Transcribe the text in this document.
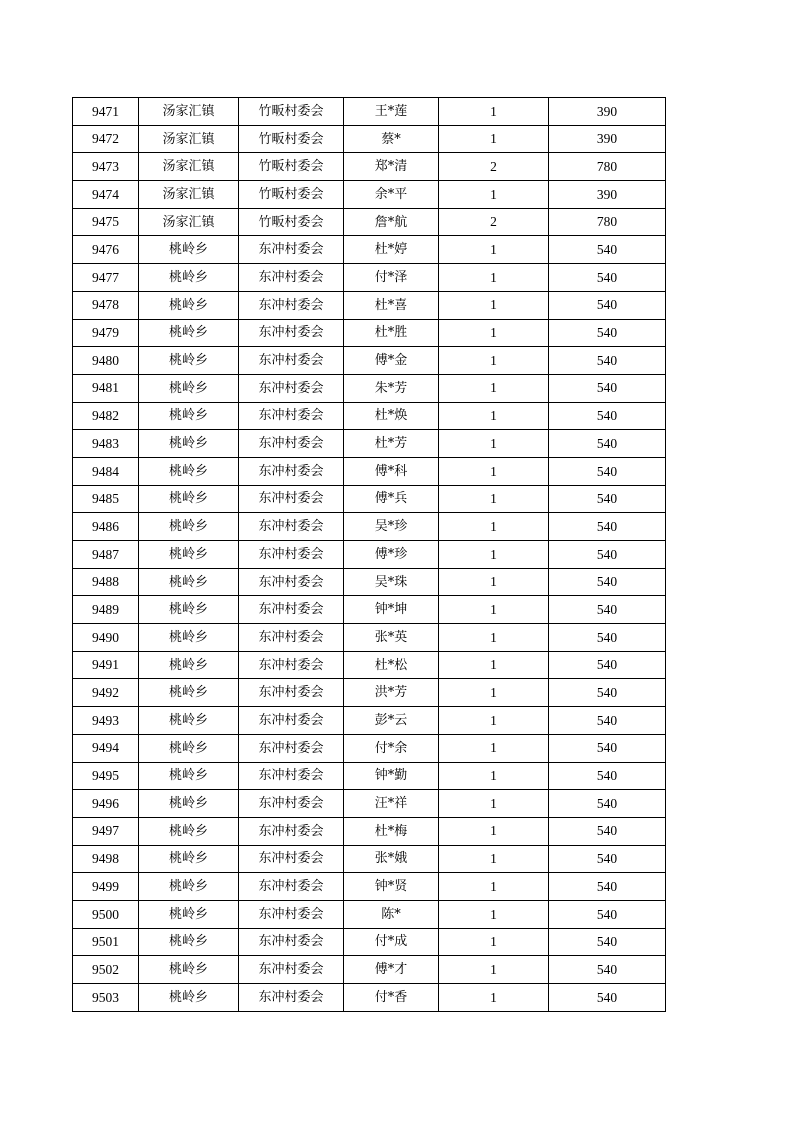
9471	汤家汇镇	竹畈村委会	王*莲	1	390
9472	汤家汇镇	竹畈村委会	蔡*	1	390
9473	汤家汇镇	竹畈村委会	郑*清	2	780
9474	汤家汇镇	竹畈村委会	余*平	1	390
9475	汤家汇镇	竹畈村委会	詹*航	2	780
9476	桃岭乡	东冲村委会	杜*婷	1	540
9477	桃岭乡	东冲村委会	付*泽	1	540
9478	桃岭乡	东冲村委会	杜*喜	1	540
9479	桃岭乡	东冲村委会	杜*胜	1	540
9480	桃岭乡	东冲村委会	傅*金	1	540
9481	桃岭乡	东冲村委会	朱*芳	1	540
9482	桃岭乡	东冲村委会	杜*焕	1	540
9483	桃岭乡	东冲村委会	杜*芳	1	540
9484	桃岭乡	东冲村委会	傅*科	1	540
9485	桃岭乡	东冲村委会	傅*兵	1	540
9486	桃岭乡	东冲村委会	吴*珍	1	540
9487	桃岭乡	东冲村委会	傅*珍	1	540
9488	桃岭乡	东冲村委会	吴*珠	1	540
9489	桃岭乡	东冲村委会	钟*坤	1	540
9490	桃岭乡	东冲村委会	张*英	1	540
9491	桃岭乡	东冲村委会	杜*松	1	540
9492	桃岭乡	东冲村委会	洪*芳	1	540
9493	桃岭乡	东冲村委会	彭*云	1	540
9494	桃岭乡	东冲村委会	付*余	1	540
9495	桃岭乡	东冲村委会	钟*勤	1	540
9496	桃岭乡	东冲村委会	汪*祥	1	540
9497	桃岭乡	东冲村委会	杜*梅	1	540
9498	桃岭乡	东冲村委会	张*娥	1	540
9499	桃岭乡	东冲村委会	钟*贤	1	540
9500	桃岭乡	东冲村委会	陈*	1	540
9501	桃岭乡	东冲村委会	付*成	1	540
9502	桃岭乡	东冲村委会	傅*才	1	540
9503	桃岭乡	东冲村委会	付*香	1	540
